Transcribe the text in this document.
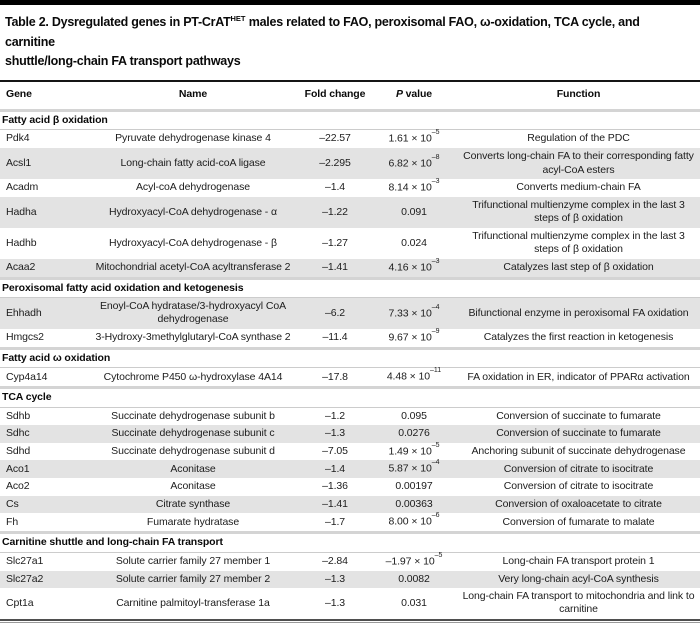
Table 2. Dysregulated genes in PT-CrAT$^{HET}$ males related to FAO, peroxisomal FAO, ω-oxidation, TCA cycle, and carnitine
shuttle/long-chain FA transport pathways
Gene	Name	Fold change	P value	Function
Fatty acid β oxidation				
Pdk4	Pyruvate dehydrogenase kinase 4	–22.57	$1.61 \times 10^{-5}$	Regulation of the PDC
Acsl1	Long-chain fatty acid-coA ligase	–2.295	$6.82 \times 10^{-8}$	Converts long-chain FA to their corresponding fatty acyl-CoA esters
Acadm	Acyl-coA dehydrogenase	–1.4	$8.14 \times 10^{-3}$	Converts medium-chain FA
Hadha	Hydroxyacyl-CoA dehydrogenase - α	–1.22	0.091	Trifunctional multienzyme complex in the last 3 steps of β oxidation
Hadhb	Hydroxyacyl-CoA dehydrogenase - β	–1.27	0.024	Trifunctional multienzyme complex in the last 3 steps of β oxidation
Acaa2	Mitochondrial acetyl-CoA acyltransferase 2	–1.41	$4.16 \times 10^{-3}$	Catalyzes last step of β oxidation
Peroxisomal fatty acid oxidation and ketogenesis				
Ehhadh	Enoyl-CoA hydratase/3-hydroxyacyl CoA dehydrogenase	–6.2	$7.33 \times 10^{-4}$	Bifunctional enzyme in peroxisomal FA oxidation
Hmgcs2	3-Hydroxy-3methylglutaryl-CoA synthase 2	–11.4	$9.67 \times 10^{-9}$	Catalyzes the first reaction in ketogenesis
Fatty acid ω oxidation				
Cyp4a14	Cytochrome P450 ω-hydroxylase 4A14	–17.8	$4.48 \times 10^{-11}$	FA oxidation in ER, indicator of PPARα activation
TCA cycle				
Sdhb	Succinate dehydrogenase subunit b	–1.2	0.095	Conversion of succinate to fumarate
Sdhc	Succinate dehydrogenase subunit c	–1.3	0.0276	Conversion of succinate to fumarate
Sdhd	Succinate dehydrogenase subunit d	–7.05	$1.49 \times 10^{-5}$	Anchoring subunit of succinate dehydrogenase
Aco1	Aconitase	–1.4	$5.87 \times 10^{-4}$	Conversion of citrate to isocitrate
Aco2	Aconitase	–1.36	0.00197	Conversion of citrate to isocitrate
Cs	Citrate synthase	–1.41	0.00363	Conversion of oxaloacetate to citrate
Fh	Fumarate hydratase	–1.7	$8.00 \times 10^{-6}$	Conversion of fumarate to malate
Carnitine shuttle and long-chain FA transport				
Slc27a1	Solute carrier family 27 member 1	–2.84	$-1.97 \times 10^{-5}$	Long-chain FA transport protein 1
Slc27a2	Solute carrier family 27 member 2	–1.3	0.0082	Very long-chain acyl-CoA synthesis
Cpt1a	Carnitine palmitoyl-transferase 1a	–1.3	0.031	Long-chain FA transport to mitochondria and link to carnitine
